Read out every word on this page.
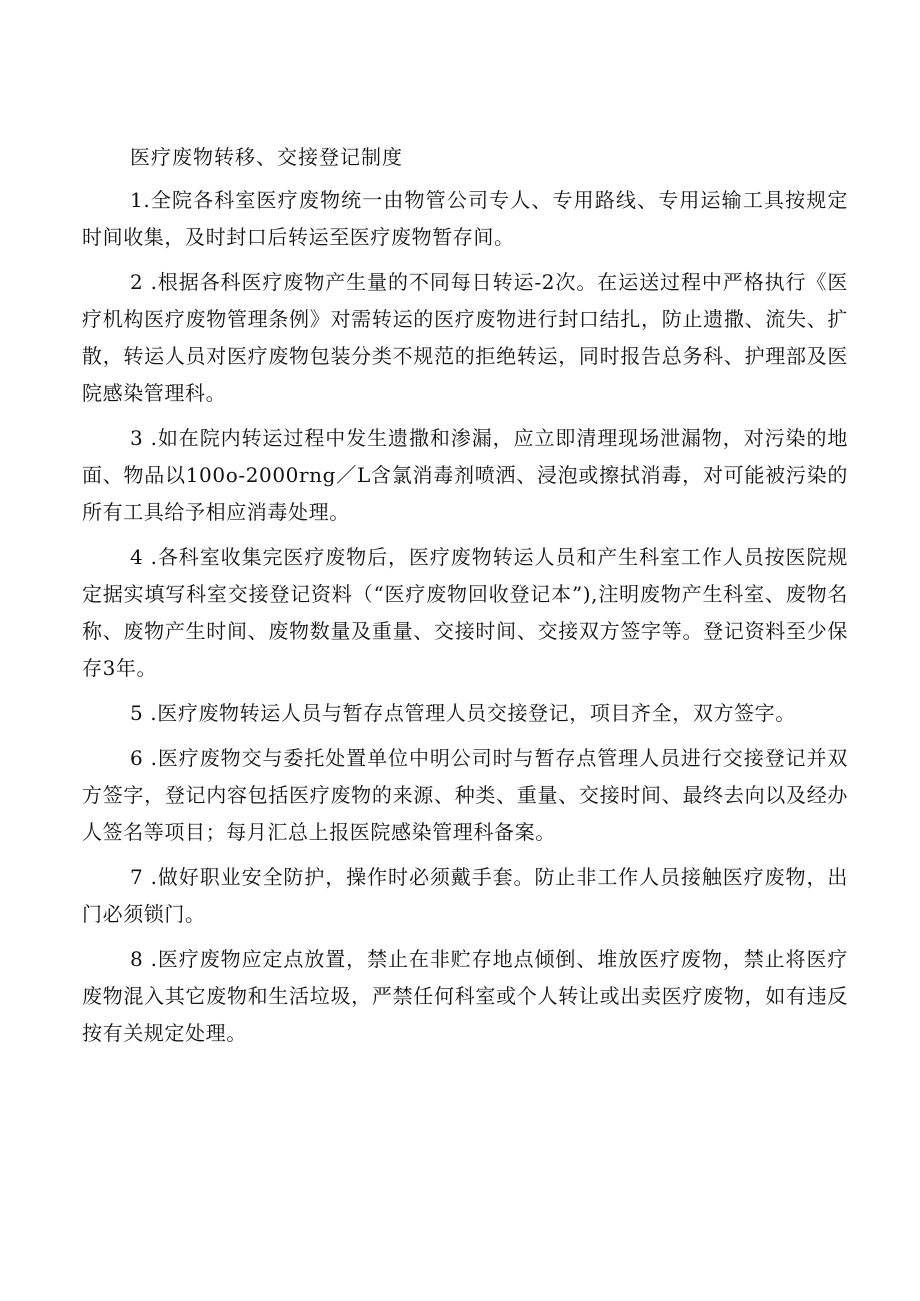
医疗废物转移、交接登记制度

1.全院各科室医疗废物统一由物管公司专人、专用路线、专用运输工具按规定时间收集，及时封口后转运至医疗废物暂存间。

2 .根据各科医疗废物产生量的不同每日转运-2次。在运送过程中严格执行《医疗机构医疗废物管理条例》对需转运的医疗废物进行封口结扎，防止遗撒、流失、扩散，转运人员对医疗废物包装分类不规范的拒绝转运，同时报告总务科、护理部及医院感染管理科。

3 .如在院内转运过程中发生遗撒和渗漏，应立即清理现场泄漏物，对污染的地面、物品以100o-2000rng／L含氯消毒剂喷洒、浸泡或擦拭消毒，对可能被污染的所有工具给予相应消毒处理。

4 .各科室收集完医疗废物后，医疗废物转运人员和产生科室工作人员按医院规定据实填写科室交接登记资料（“医疗废物回收登记本”),注明废物产生科室、废物名称、废物产生时间、废物数量及重量、交接时间、交接双方签字等。登记资料至少保存3年。

5 .医疗废物转运人员与暂存点管理人员交接登记，项目齐全，双方签字。

6 .医疗废物交与委托处置单位中明公司时与暂存点管理人员进行交接登记并双方签字，登记内容包括医疗废物的来源、种类、重量、交接时间、最终去向以及经办人签名等项目；每月汇总上报医院感染管理科备案。

7 .做好职业安全防护，操作时必须戴手套。防止非工作人员接触医疗废物，出门必须锁门。

8 .医疗废物应定点放置，禁止在非贮存地点倾倒、堆放医疗废物，禁止将医疗废物混入其它废物和生活垃圾，严禁任何科室或个人转让或出卖医疗废物，如有违反按有关规定处理。
